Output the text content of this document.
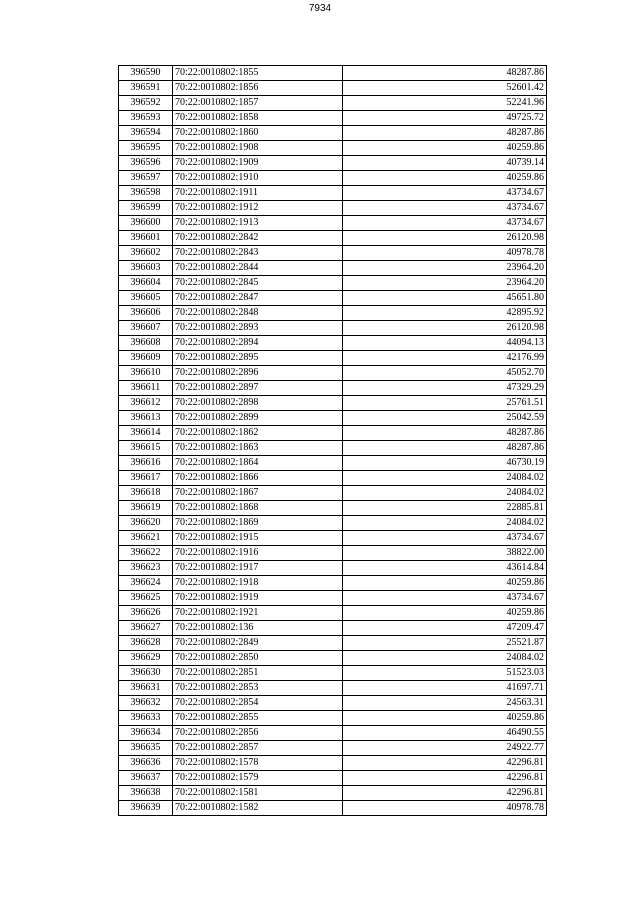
7934
396590	70:22:0010802:1855	48287.86
396591	70:22:0010802:1856	52601.42
396592	70:22:0010802:1857	52241.96
396593	70:22:0010802:1858	49725.72
396594	70:22:0010802:1860	48287.86
396595	70:22:0010802:1908	40259.86
396596	70:22:0010802:1909	40739.14
396597	70:22:0010802:1910	40259.86
396598	70:22:0010802:1911	43734.67
396599	70:22:0010802:1912	43734.67
396600	70:22:0010802:1913	43734.67
396601	70:22:0010802:2842	26120.98
396602	70:22:0010802:2843	40978.78
396603	70:22:0010802:2844	23964.20
396604	70:22:0010802:2845	23964.20
396605	70:22:0010802:2847	45651.80
396606	70:22:0010802:2848	42895.92
396607	70:22:0010802:2893	26120.98
396608	70:22:0010802:2894	44094.13
396609	70:22:0010802:2895	42176.99
396610	70:22:0010802:2896	45052.70
396611	70:22:0010802:2897	47329.29
396612	70:22:0010802:2898	25761.51
396613	70:22:0010802:2899	25042.59
396614	70:22:0010802:1862	48287.86
396615	70:22:0010802:1863	48287.86
396616	70:22:0010802:1864	46730.19
396617	70:22:0010802:1866	24084.02
396618	70:22:0010802:1867	24084.02
396619	70:22:0010802:1868	22885.81
396620	70:22:0010802:1869	24084.02
396621	70:22:0010802:1915	43734.67
396622	70:22:0010802:1916	38822.00
396623	70:22:0010802:1917	43614.84
396624	70:22:0010802:1918	40259.86
396625	70:22:0010802:1919	43734.67
396626	70:22:0010802:1921	40259.86
396627	70:22:0010802:136	47209.47
396628	70:22:0010802:2849	25521.87
396629	70:22:0010802:2850	24084.02
396630	70:22:0010802:2851	51523.03
396631	70:22:0010802:2853	41697.71
396632	70:22:0010802:2854	24563.31
396633	70:22:0010802:2855	40259.86
396634	70:22:0010802:2856	46490.55
396635	70:22:0010802:2857	24922.77
396636	70:22:0010802:1578	42296.81
396637	70:22:0010802:1579	42296.81
396638	70:22:0010802:1581	42296.81
396639	70:22:0010802:1582	40978.78
